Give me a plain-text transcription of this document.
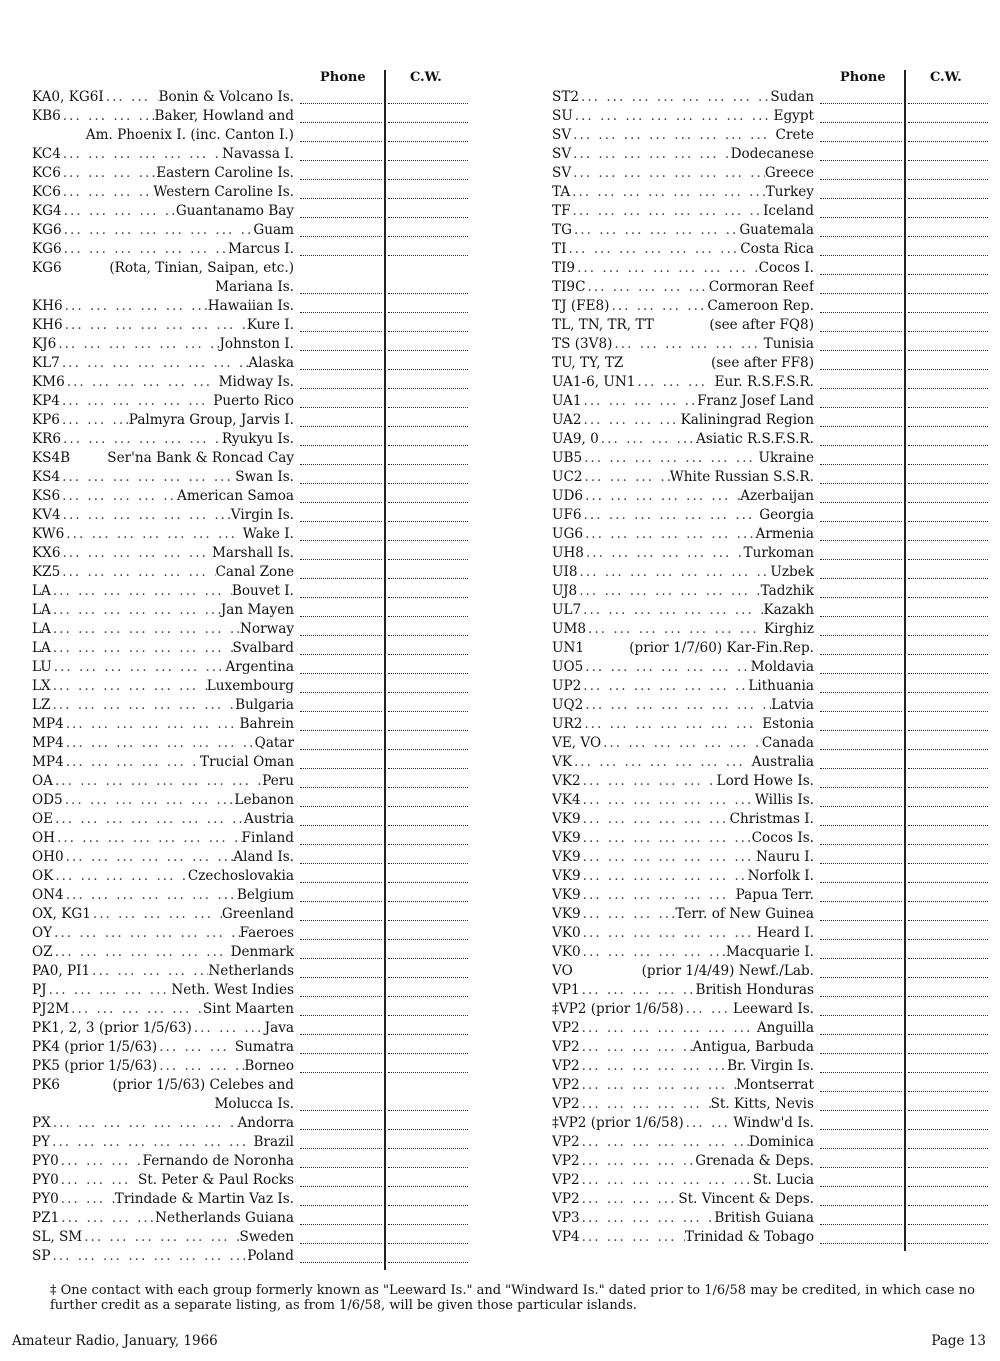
Phone	C.W.
KA0, KG6I ... .	Bonin & Volcano Is.
KB6 ... .	Baker, Howland and
Am. Phoenix I. (inc. Canton I.)
KC4 ... .	Navassa I.
KC6 ... .	Eastern Caroline Is.
KC6 ... .	Western Caroline Is.
KG4 ... .	Guantanamo Bay
KG6 ... .	Guam
KG6 ... .	Marcus I.
KG6
	(Rota, Tinian, Saipan, etc.)
Mariana Is.
KH6 ... .	Hawaiian Is.
KH6 ... .	Kure I.
KJ6 ... .	Johnston I.
KL7 ... .	Alaska
KM6 ... .	Midway Is.
KP4 ... .	Puerto Rico
KP6 ... .	Palmyra Group, Jarvis I.
KR6 ... .	Ryukyu Is.
KS4B
	Ser'na Bank & Roncad Cay
KS4 ... .	Swan Is.
KS6 ... .	American Samoa
KV4 ... .	Virgin Is.
KW6 ... .	Wake I.
KX6 ... .	Marshall Is.
KZ5 ... .	Canal Zone
LA ... .	Bouvet I.
LA ... .	Jan Mayen
LA ... .	Norway
LA ... .	Svalbard
LU ... .	Argentina
LX ... .	Luxembourg
LZ ... .	Bulgaria
MP4 ... .	Bahrein
MP4 ... .	Qatar
MP4 ... .	Trucial Oman
OA ... .	Peru
OD5 ... .	Lebanon
OE ... .	Austria
OH ... .	Finland
OH0 ... .	Aland Is.
OK ... .	Czechoslovakia
ON4 ... .	Belgium
OX, KG1 ... .	Greenland
OY ... .	Faeroes
OZ ... .	Denmark
PA0, PI1 ... .	Netherlands
PJ ... .	Neth. West Indies
PJ2M ... .	Sint Maarten
PK1, 2, 3 (prior 1/5/63) ... .	Java
PK4 (prior 1/5/63) ... .	Sumatra
PK5 (prior 1/5/63) ... .	Borneo
PK6
	(prior 1/5/63) Celebes and
Molucca Is.
PX ... .	Andorra
PY ... .	Brazil
PY0 ... .	Fernando de Noronha
PY0 ... .	St. Peter & Paul Rocks
PY0 ... .	Trindade & Martin Vaz Is.
PZ1 ... .	Netherlands Guiana
SL, SM ... .	Sweden
SP ... .	Poland
Phone	C.W.
ST2 ... .	Sudan
SU ... .	Egypt
SV ... .	Crete
SV ... .	Dodecanese
SV ... .	Greece
TA ... .	Turkey
TF ... .	Iceland
TG ... .	Guatemala
TI ... .	Costa Rica
TI9 ... .	Cocos I.
TI9C ... .	Cormoran Reef
TJ (FE8) ... .	Cameroon Rep.
TL, TN, TR, TT
	(see after FQ8)
TS (3V8) ... .	Tunisia
TU, TY, TZ
	(see after FF8)
UA1-6, UN1 ... .	Eur. R.S.F.S.R.
UA1 ... .	Franz Josef Land
UA2 ... .	Kaliningrad Region
UA9, 0 ... .	Asiatic R.S.F.S.R.
UB5 ... .	Ukraine
UC2 ... .	White Russian S.S.R.
UD6 ... .	Azerbaijan
UF6 ... .	Georgia
UG6 ... .	Armenia
UH8 ... .	Turkoman
UI8 ... .	Uzbek
UJ8 ... .	Tadzhik
UL7 ... .	Kazakh
UM8 ... .	Kirghiz
UN1
	(prior 1/7/60) Kar-Fin.Rep.
UO5 ... .	Moldavia
UP2 ... .	Lithuania
UQ2 ... .	Latvia
UR2 ... .	Estonia
VE, VO ... .	Canada
VK ... .	Australia
VK2 ... .	Lord Howe Is.
VK4 ... .	Willis Is.
VK9 ... .	Christmas I.
VK9 ... .	Cocos Is.
VK9 ... .	Nauru I.
VK9 ... .	Norfolk I.
VK9 ... .	Papua Terr.
VK9 ... .	Terr. of New Guinea
VK0 ... .	Heard I.
VK0 ... .	Macquarie I.
VO
	(prior 1/4/49) Newf./Lab.
VP1 ... .	British Honduras
‡VP2 (prior 1/6/58) ... .	Leeward Is.
VP2 ... .	Anguilla
VP2 ... .	Antigua, Barbuda
VP2 ... .	Br. Virgin Is.
VP2 ... .	Montserrat
VP2 ... .	St. Kitts, Nevis
‡VP2 (prior 1/6/58) ... .	Windw'd Is.
VP2 ... .	Dominica
VP2 ... .	Grenada & Deps.
VP2 ... .	St. Lucia
VP2 ... .	St. Vincent & Deps.
VP3 ... .	British Guiana
VP4 ... .	Trinidad & Tobago
‡ One contact with each group formerly known as "Leeward Is." and "Windward Is." dated prior to 1/6/58 may be credited, in which case no further credit as a separate listing, as from 1/6/58, will be given those particular islands.
Amateur Radio, January, 1966	Page 13
